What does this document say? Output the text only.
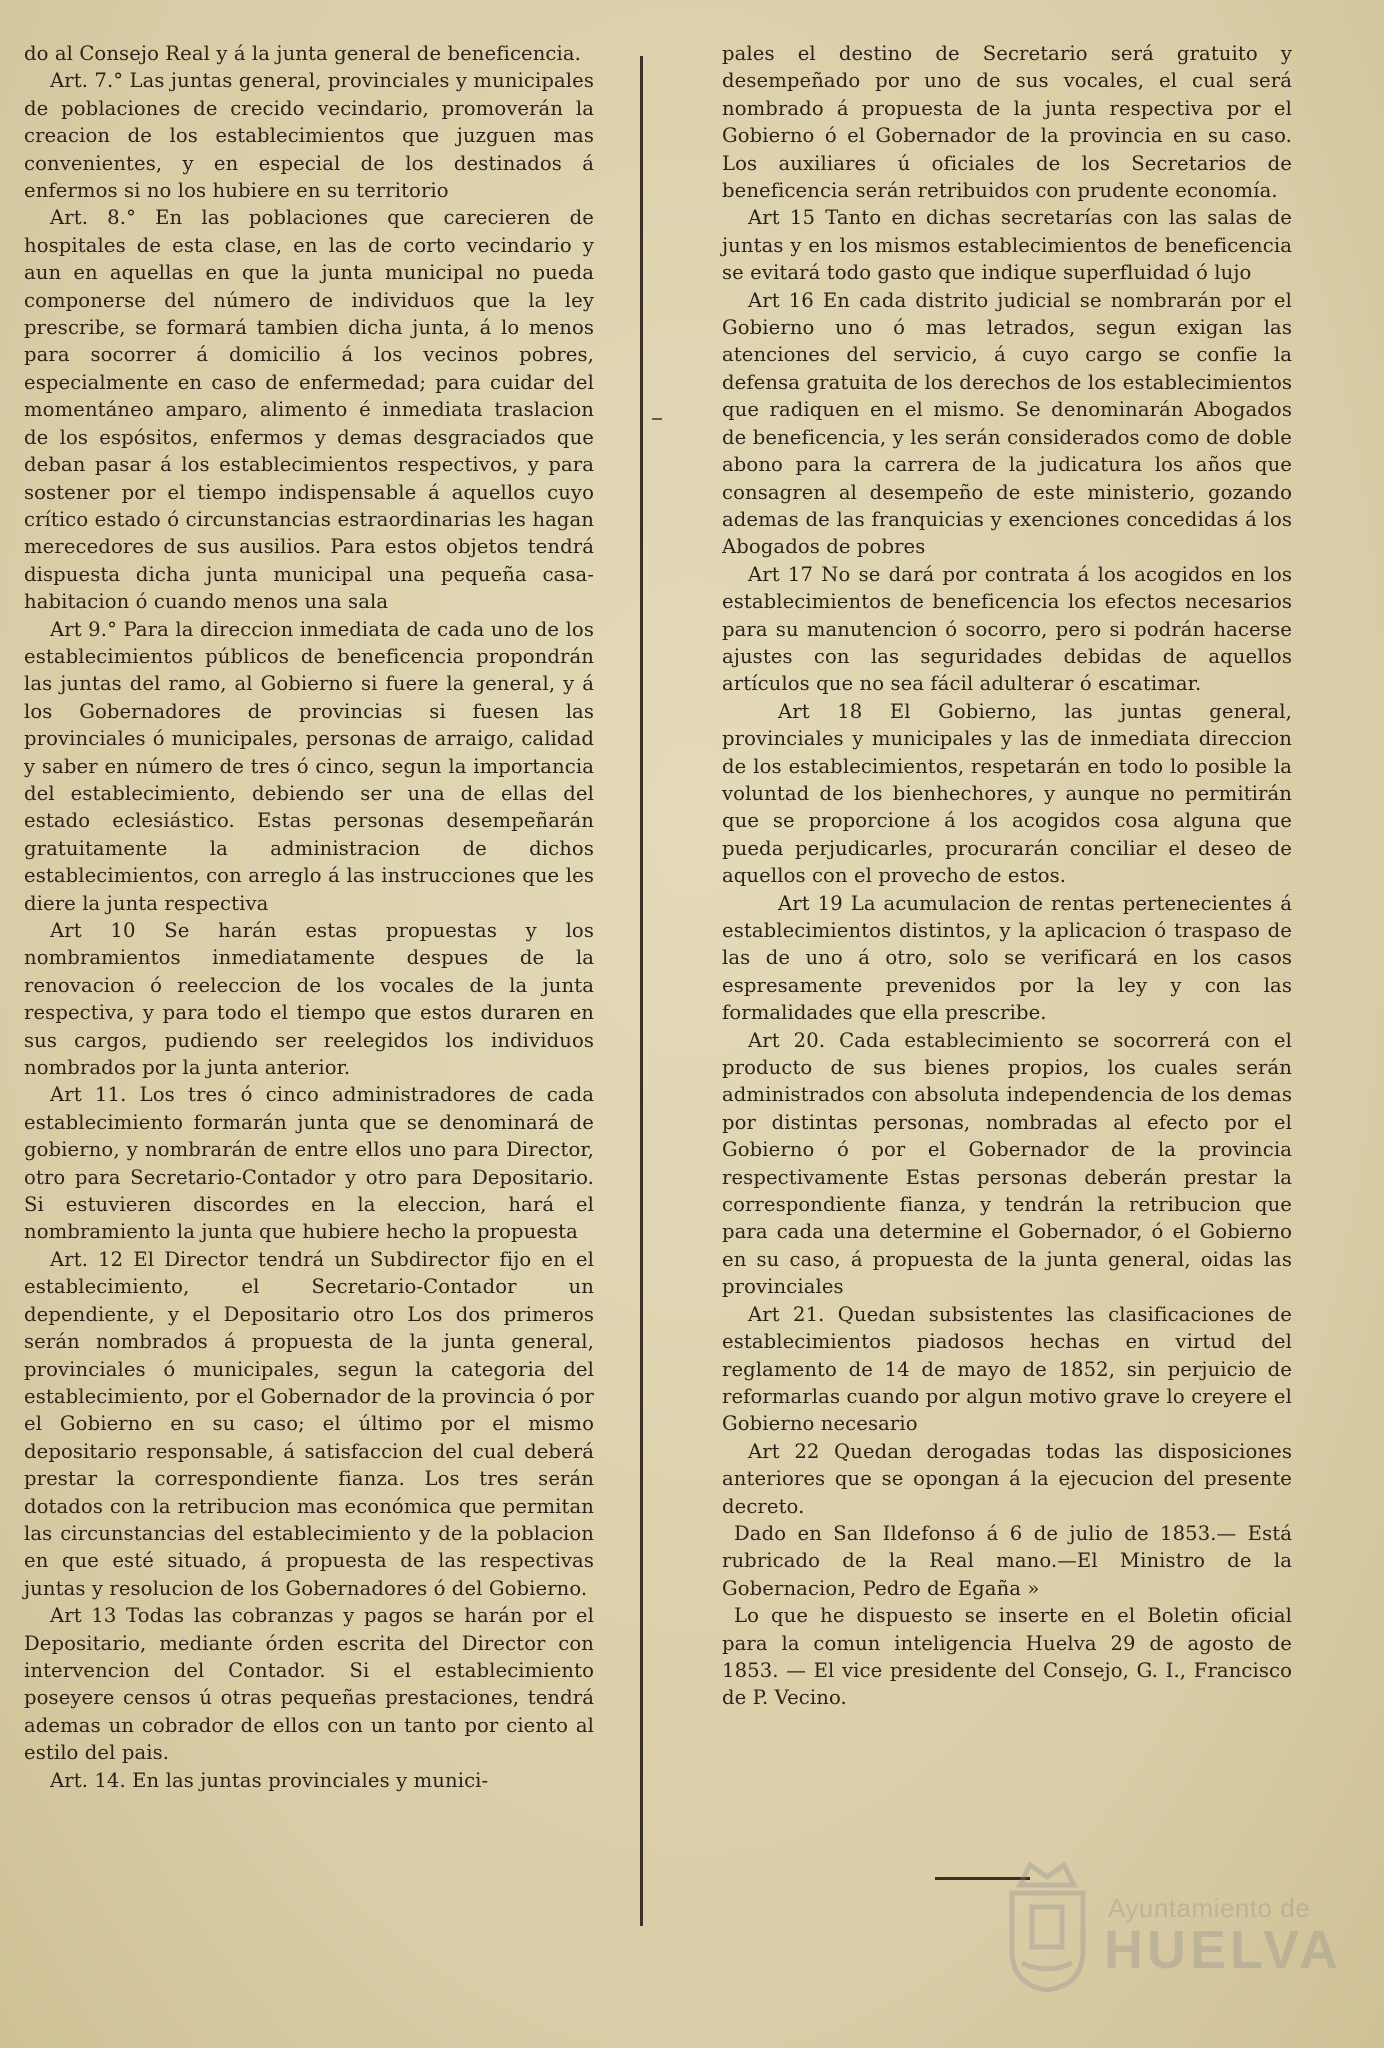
do al Consejo Real y á la junta general de beneficencia.

Art. 7.° Las juntas general, provinciales y municipales de poblaciones de crecido vecindario, promoverán la creacion de los establecimientos que juzguen mas convenientes, y en especial de los destinados á enfermos si no los hubiere en su territorio

Art. 8.° En las poblaciones que carecieren de hospitales de esta clase, en las de corto vecindario y aun en aquellas en que la junta municipal no pueda componerse del número de individuos que la ley prescribe, se formará tambien dicha junta, á lo menos para socorrer á domicilio á los vecinos pobres, especialmente en caso de enfermedad; para cuidar del momentáneo amparo, alimento é inmediata traslacion de los espósitos, enfermos y demas desgraciados que deban pasar á los establecimientos respectivos, y para sostener por el tiempo indispensable á aquellos cuyo crítico estado ó circunstancias estraordinarias les hagan merecedores de sus ausilios. Para estos objetos tendrá dispuesta dicha junta municipal una pequeña casa-habitacion ó cuando menos una sala

Art 9.° Para la direccion inmediata de cada uno de los establecimientos públicos de beneficencia propondrán las juntas del ramo, al Gobierno si fuere la general, y á los Gobernadores de provincias si fuesen las provinciales ó municipales, personas de arraigo, calidad y saber en número de tres ó cinco, segun la importancia del establecimiento, debiendo ser una de ellas del estado eclesiástico. Estas personas desempeñarán gratuitamente la administracion de dichos establecimientos, con arreglo á las instrucciones que les diere la junta respectiva

Art 10 Se harán estas propuestas y los nombramientos inmediatamente despues de la renovacion ó reeleccion de los vocales de la junta respectiva, y para todo el tiempo que estos duraren en sus cargos, pudiendo ser reelegidos los individuos nombrados por la junta anterior.

Art 11. Los tres ó cinco administradores de cada establecimiento formarán junta que se denominará de gobierno, y nombrarán de entre ellos uno para Director, otro para Secretario-Contador y otro para Depositario. Si estuvieren discordes en la eleccion, hará el nombramiento la junta que hubiere hecho la propuesta

Art. 12 El Director tendrá un Subdirector fijo en el establecimiento, el Secretario-Contador un dependiente, y el Depositario otro Los dos primeros serán nombrados á propuesta de la junta general, provinciales ó municipales, segun la categoria del establecimiento, por el Gobernador de la provincia ó por el Gobierno en su caso; el último por el mismo depositario responsable, á satisfaccion del cual deberá prestar la correspondiente fianza. Los tres serán dotados con la retribucion mas económica que permitan las circunstancias del establecimiento y de la poblacion en que esté situado, á propuesta de las respectivas juntas y resolucion de los Gobernadores ó del Gobierno.

Art 13 Todas las cobranzas y pagos se harán por el Depositario, mediante órden escrita del Director con intervencion del Contador. Si el establecimiento poseyere censos ú otras pequeñas prestaciones, tendrá ademas un cobrador de ellos con un tanto por ciento al estilo del pais.

Art. 14. En las juntas provinciales y munici-

pales el destino de Secretario será gratuito y desempeñado por uno de sus vocales, el cual será nombrado á propuesta de la junta respectiva por el Gobierno ó el Gobernador de la provincia en su caso. Los auxiliares ú oficiales de los Secretarios de beneficencia serán retribuidos con prudente economía.

Art 15 Tanto en dichas secretarías con las salas de juntas y en los mismos establecimientos de beneficencia se evitará todo gasto que indique superfluidad ó lujo

Art 16 En cada distrito judicial se nombrarán por el Gobierno uno ó mas letrados, segun exigan las atenciones del servicio, á cuyo cargo se confie la defensa gratuita de los derechos de los establecimientos que radiquen en el mismo. Se denominarán Abogados de beneficencia, y les serán considerados como de doble abono para la carrera de la judicatura los años que consagren al desempeño de este ministerio, gozando ademas de las franquicias y exenciones concedidas á los Abogados de pobres

Art 17 No se dará por contrata á los acogidos en los establecimientos de beneficencia los efectos necesarios para su manutencion ó socorro, pero si podrán hacerse ajustes con las seguridades debidas de aquellos artículos que no sea fácil adulterar ó escatimar.

Art 18 El Gobierno, las juntas general, provinciales y municipales y las de inmediata direccion de los establecimientos, respetarán en todo lo posible la voluntad de los bienhechores, y aunque no permitirán que se proporcione á los acogidos cosa alguna que pueda perjudicarles, procurarán conciliar el deseo de aquellos con el provecho de estos.

Art 19 La acumulacion de rentas pertenecientes á establecimientos distintos, y la aplicacion ó traspaso de las de uno á otro, solo se verificará en los casos espresamente prevenidos por la ley y con las formalidades que ella prescribe.

Art 20. Cada establecimiento se socorrerá con el producto de sus bienes propios, los cuales serán administrados con absoluta independencia de los demas por distintas personas, nombradas al efecto por el Gobierno ó por el Gobernador de la provincia respectivamente Estas personas deberán prestar la correspondiente fianza, y tendrán la retribucion que para cada una determine el Gobernador, ó el Gobierno en su caso, á propuesta de la junta general, oidas las provinciales

Art 21. Quedan subsistentes las clasificaciones de establecimientos piadosos hechas en virtud del reglamento de 14 de mayo de 1852, sin perjuicio de reformarlas cuando por algun motivo grave lo creyere el Gobierno necesario

Art 22 Quedan derogadas todas las disposiciones anteriores que se opongan á la ejecucion del presente decreto.

Dado en San Ildefonso á 6 de julio de 1853.— Está rubricado de la Real mano.—El Ministro de la Gobernacion, Pedro de Egaña »

Lo que he dispuesto se inserte en el Boletin oficial para la comun inteligencia Huelva 29 de agosto de 1853. — El vice presidente del Consejo, G. I., Francisco de P. Vecino.

Ayuntamiento de
HUELVA
